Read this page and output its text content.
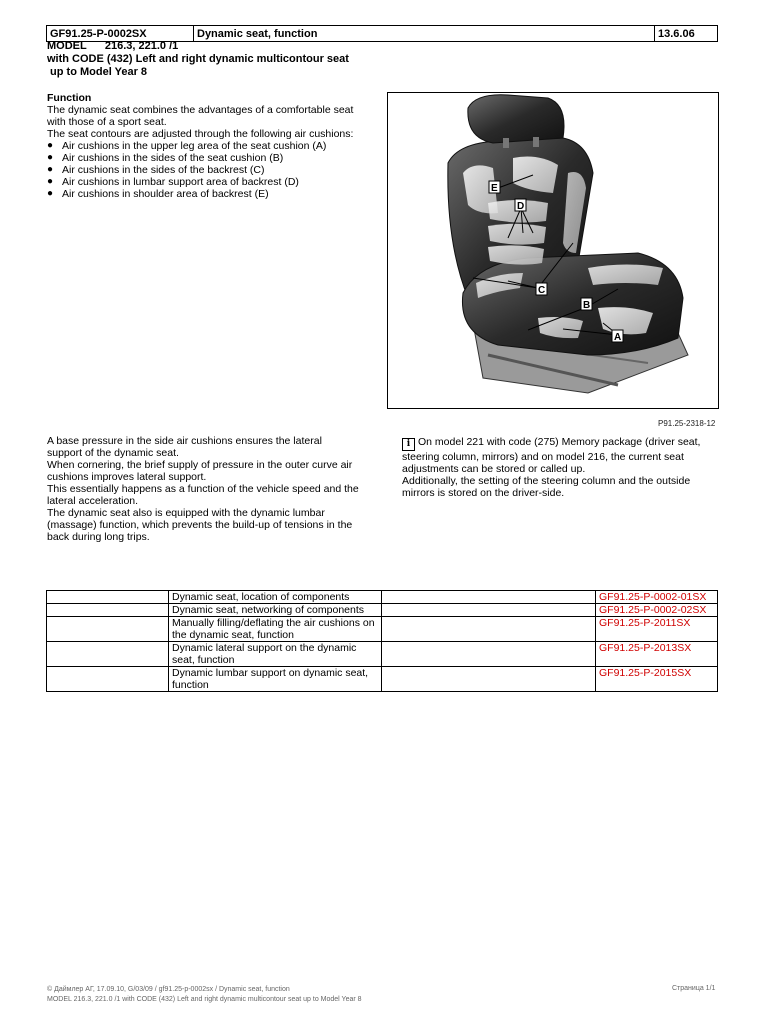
GF91.25-P-0002SX	Dynamic seat, function	13.6.06
MODEL      216.3, 221.0 /1
with CODE (432) Left and right dynamic multicontour seat
up to Model Year 8
Function
The dynamic seat combines the advantages of a comfortable seat
with those of a sport seat.
The seat contours are adjusted through the following air cushions:
● Air cushions in the upper leg area of the seat cushion (A)
● Air cushions in the sides of the seat cushion (B)
● Air cushions in the sides of the backrest (C)
● Air cushions in lumbar support area of backrest (D)
● Air cushions in shoulder area of backrest (E)	E
D
C
B
A
P91.25-2318-12
A base pressure in the side air cushions ensures the lateral
support of the dynamic seat.
When cornering, the brief supply of pressure in the outer curve air
cushions improves lateral support.
This essentially happens as a function of the vehicle speed and the
lateral acceleration.
The dynamic seat also is equipped with the dynamic lumbar
(massage) function, which prevents the build-up of tensions in the
back during long trips.
i On model 221 with code (275) Memory package (driver seat,
steering column, mirrors) and on model 216, the current seat
adjustments can be stored or called up.
Additionally, the setting of the steering column and the outside
mirrors is stored on the driver-side.
	Dynamic seat, location of components		GF91.25-P-0002-01SX
	Dynamic seat, networking of components		GF91.25-P-0002-02SX

	Manually filling/deflating the air cushions on
the dynamic seat, function		GF91.25-P-2011SX

	Dynamic lateral support on the dynamic
seat, function		GF91.25-P-2013SX

	Dynamic lumbar support on dynamic seat,
function		GF91.25-P-2015SX
© Даймлер АГ, 17.09.10, G/03/09 / gf91.25-p-0002sx / Dynamic seat, function
MODEL 216.3, 221.0 /1 with CODE (432) Left and right dynamic multicontour seat up to Model Year 8
Страница 1/1
